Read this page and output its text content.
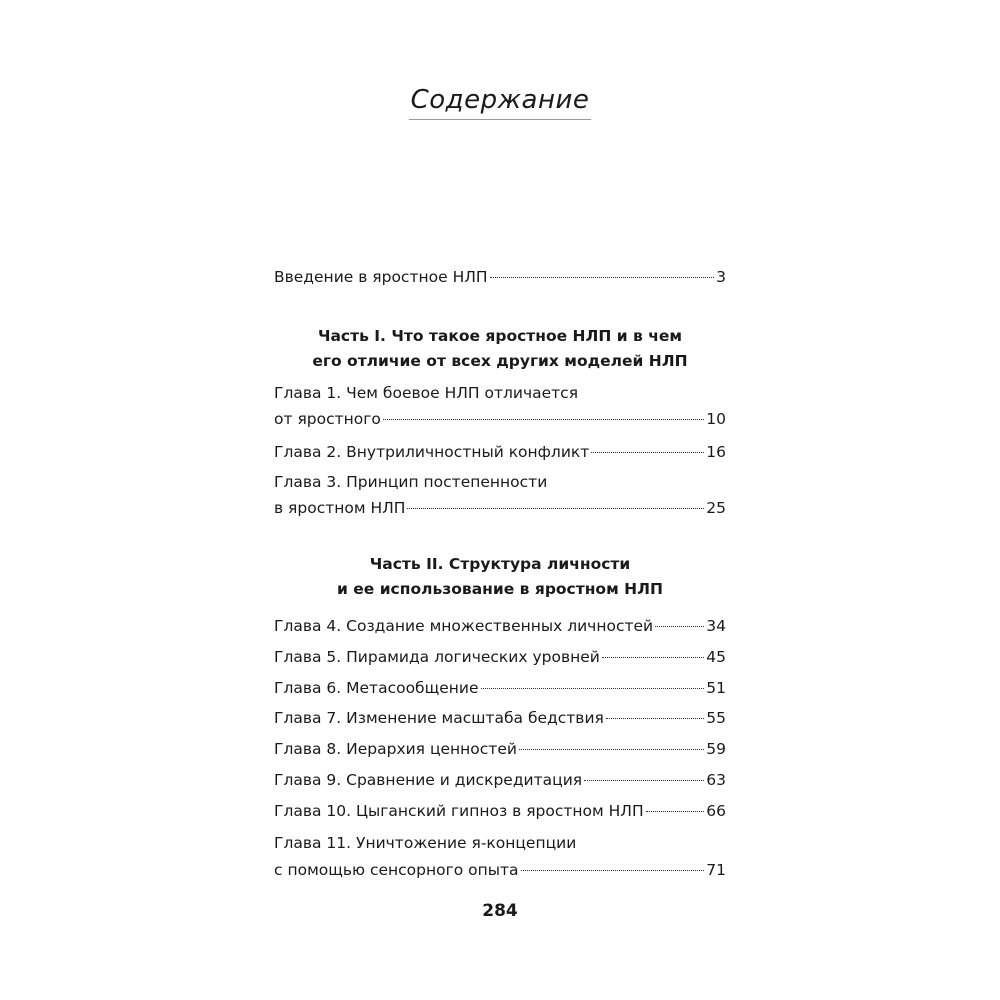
Содержание
Введение в яростное НЛП	3
Часть I. Что такое яростное НЛП и в чем
его отличие от всех других моделей НЛП
Глава 1. Чем боевое НЛП отличается
от яростного	10
Глава 2. Внутриличностный конфликт	16
Глава 3. Принцип постепенности
в яростном НЛП	25
Часть II. Структура личности
и ее использование в яростном НЛП
Глава 4. Создание множественных личностей	34
Глава 5. Пирамида логических уровней	45
Глава 6. Метасообщение	51
Глава 7. Изменение масштаба бедствия	55
Глава 8. Иерархия ценностей	59
Глава 9. Сравнение и дискредитация	63
Глава 10. Цыганский гипноз в яростном НЛП	66
Глава 11. Уничтожение я-концепции
с помощью сенсорного опыта	71
284
